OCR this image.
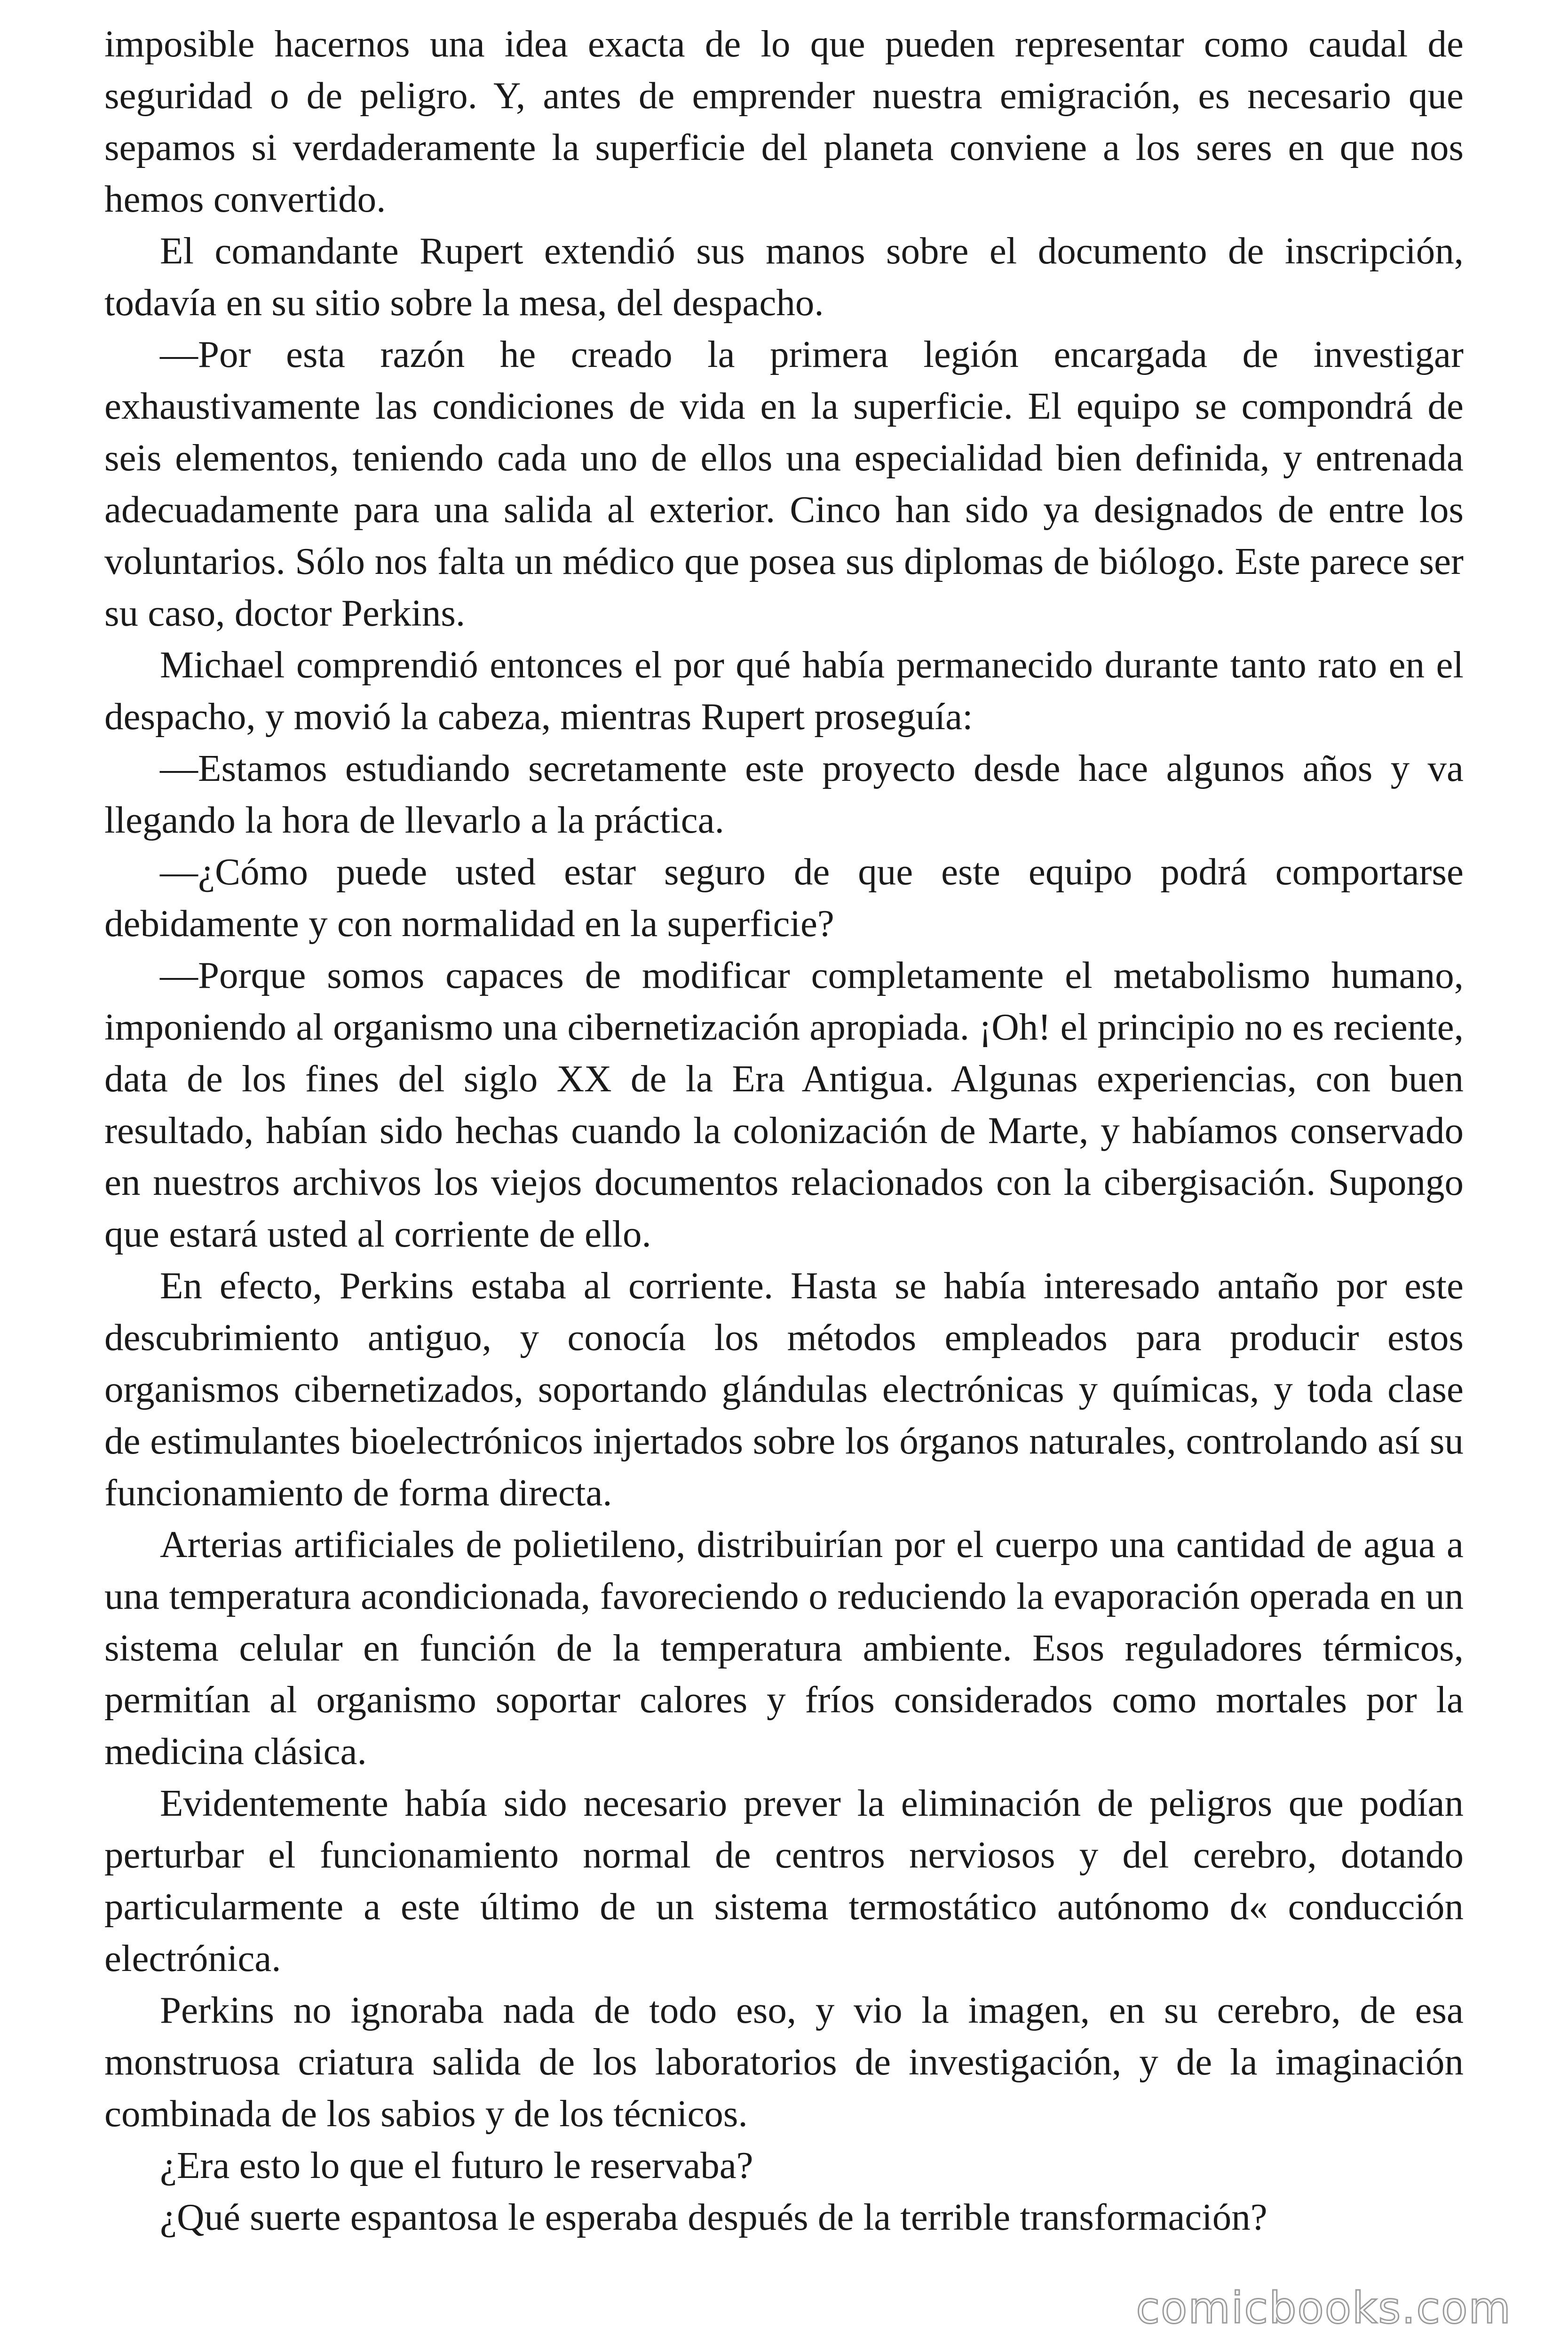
imposible hacernos una idea exacta de lo que pueden representar como caudal de seguridad o de peligro. Y, antes de emprender nuestra emigración, es necesario que sepamos si verdaderamente la superficie del planeta conviene a los seres en que nos hemos convertido.

El comandante Rupert extendió sus manos sobre el documento de inscripción, todavía en su sitio sobre la mesa, del despacho.

—Por esta razón he creado la primera legión encargada de investigar exhaustivamente las condiciones de vida en la superficie. El equipo se compondrá de seis elementos, teniendo cada uno de ellos una especialidad bien definida, y entrenada adecuadamente para una salida al exterior. Cinco han sido ya designados de entre los voluntarios. Sólo nos falta un médico que posea sus diplomas de biólogo. Este parece ser su caso, doctor Perkins.

Michael comprendió entonces el por qué había permanecido durante tanto rato en el despacho, y movió la cabeza, mientras Rupert proseguía:

—Estamos estudiando secretamente este proyecto desde hace algunos años y va llegando la hora de llevarlo a la práctica.

—¿Cómo puede usted estar seguro de que este equipo podrá comportarse debidamente y con normalidad en la superficie?

—Porque somos capaces de modificar completamente el metabolismo humano, imponiendo al organismo una cibernetización apropiada. ¡Oh! el principio no es reciente, data de los fines del siglo XX de la Era Antigua. Algunas experiencias, con buen resultado, habían sido hechas cuando la colonización de Marte, y habíamos conservado en nuestros archivos los viejos documentos relacionados con la cibergisación. Supongo que estará usted al corriente de ello.

En efecto, Perkins estaba al corriente. Hasta se había interesado antaño por este descubrimiento antiguo, y conocía los métodos empleados para producir estos organismos cibernetizados, soportando glándulas electrónicas y químicas, y toda clase de estimulantes bioelectrónicos injertados sobre los órganos naturales, controlando así su funcionamiento de forma directa.

Arterias artificiales de polietileno, distribuirían por el cuerpo una cantidad de agua a una temperatura acondicionada, favoreciendo o reduciendo la evaporación operada en un sistema celular en función de la temperatura ambiente. Esos reguladores térmicos, permitían al organismo soportar calores y fríos considerados como mortales por la medicina clásica.

Evidentemente había sido necesario prever la eliminación de peligros que podían perturbar el funcionamiento normal de centros nerviosos y del cerebro, dotando particularmente a este último de un sistema termostático autónomo d« conducción electrónica.

Perkins no ignoraba nada de todo eso, y vio la imagen, en su cerebro, de esa monstruosa criatura salida de los laboratorios de investigación, y de la imaginación combinada de los sabios y de los técnicos.

¿Era esto lo que el futuro le reservaba?

¿Qué suerte espantosa le esperaba después de la terrible transformación?

comicbooks.com
